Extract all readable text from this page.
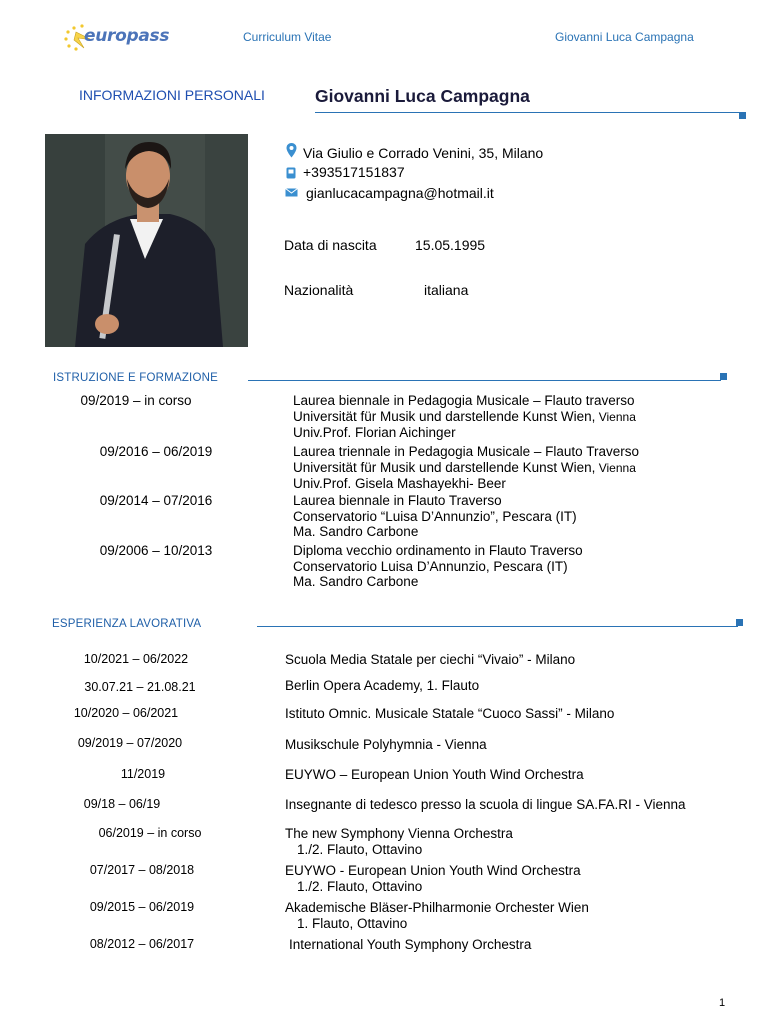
europass	Curriculum Vitae	Giovanni Luca Campagna
INFORMAZIONI PERSONALI	Giovanni Luca Campagna
Via Giulio e Corrado Venini, 35, Milano
+393517151837
gianlucacampagna@hotmail.it
Data di nascita	15.05.1995
Nazionalità	italiana
ISTRUZIONE E FORMAZIONE
09/2019 – in corso	Laurea biennale in Pedagogia Musicale – Flauto traverso
Universität für Musik und darstellende Kunst Wien, Vienna
Univ.Prof. Florian Aichinger
09/2016 – 06/2019	Laurea triennale in Pedagogia Musicale – Flauto Traverso
Universität für Musik und darstellende Kunst Wien, Vienna
Univ.Prof. Gisela Mashayekhi- Beer
09/2014 – 07/2016	Laurea biennale in Flauto Traverso
Conservatorio “Luisa D’Annunzio”, Pescara (IT)
Ma. Sandro Carbone
09/2006 – 10/2013	Diploma vecchio ordinamento in Flauto Traverso
Conservatorio Luisa D’Annunzio, Pescara (IT)
Ma. Sandro Carbone
ESPERIENZA LAVORATIVA
10/2021 – 06/2022	Scuola Media Statale per ciechi “Vivaio” - Milano
30.07.21 – 21.08.21	Berlin Opera Academy, 1. Flauto
10/2020 – 06/2021	Istituto Omnic. Musicale Statale “Cuoco Sassi” - Milano
09/2019 – 07/2020	Musikschule Polyhymnia - Vienna
11/2019	EUYWO – European Union Youth Wind Orchestra
09/18 – 06/19	Insegnante di tedesco presso la scuola di lingue SA.FA.RI - Vienna
06/2019 – in corso	The new Symphony Vienna Orchestra
1./2. Flauto, Ottavino
07/2017 – 08/2018	EUYWO - European Union Youth Wind Orchestra
1./2. Flauto, Ottavino
09/2015 – 06/2019	Akademische Bläser-Philharmonie Orchester Wien
1. Flauto, Ottavino
08/2012 – 06/2017	International Youth Symphony Orchestra
1
